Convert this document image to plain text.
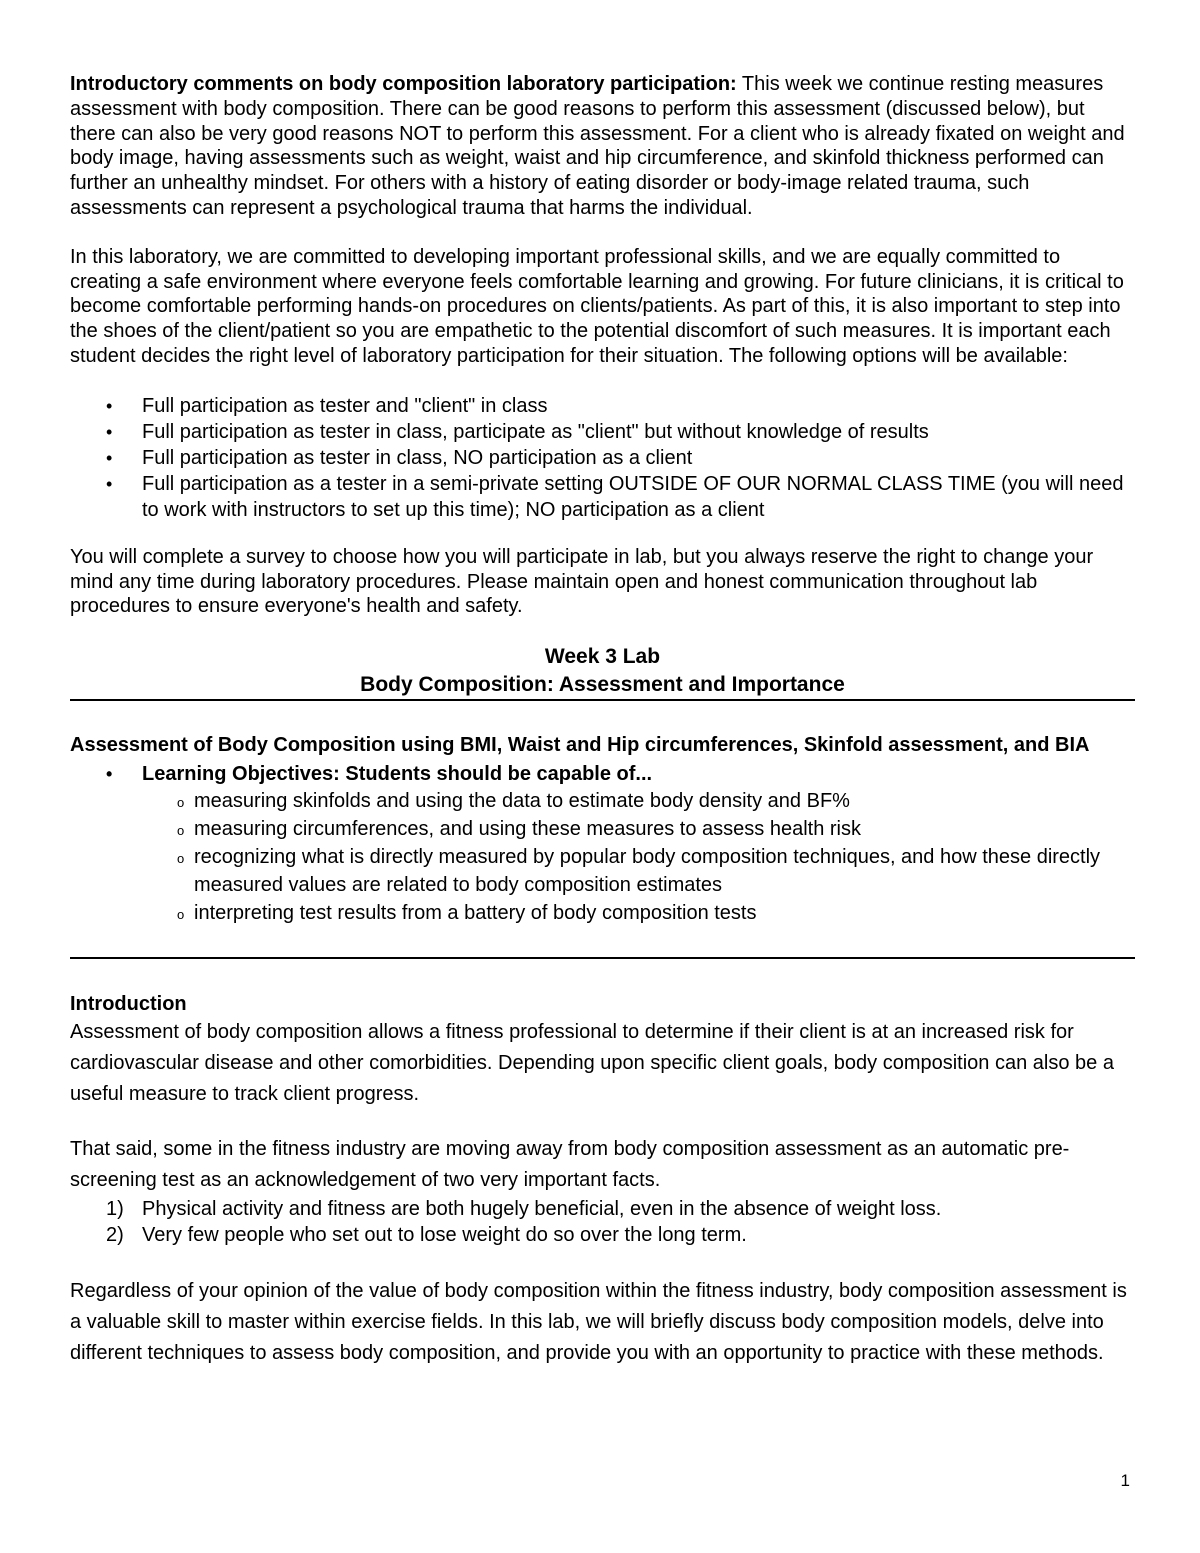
Introductory comments on body composition laboratory participation: This week we continue resting measures assessment with body composition. There can be good reasons to perform this assessment (discussed below), but there can also be very good reasons NOT to perform this assessment. For a client who is already fixated on weight and body image, having assessments such as weight, waist and hip circumference, and skinfold thickness performed can further an unhealthy mindset. For others with a history of eating disorder or body-image related trauma, such assessments can represent a psychological trauma that harms the individual.

In this laboratory, we are committed to developing important professional skills, and we are equally committed to creating a safe environment where everyone feels comfortable learning and growing. For future clinicians, it is critical to become comfortable performing hands-on procedures on clients/patients. As part of this, it is also important to step into the shoes of the client/patient so you are empathetic to the potential discomfort of such measures. It is important each student decides the right level of laboratory participation for their situation. The following options will be available:

• Full participation as tester and "client" in class
• Full participation as tester in class, participate as "client" but without knowledge of results
• Full participation as tester in class, NO participation as a client
• Full participation as a tester in a semi-private setting OUTSIDE OF OUR NORMAL CLASS TIME (you will need to work with instructors to set up this time); NO participation as a client

You will complete a survey to choose how you will participate in lab, but you always reserve the right to change your mind any time during laboratory procedures. Please maintain open and honest communication throughout lab procedures to ensure everyone's health and safety.

Week 3 Lab
Body Composition: Assessment and Importance
Assessment of Body Composition using BMI, Waist and Hip circumferences, Skinfold assessment, and BIA
• Learning Objectives: Students should be capable of...
o measuring skinfolds and using the data to estimate body density and BF%
o measuring circumferences, and using these measures to assess health risk
o recognizing what is directly measured by popular body composition techniques, and how these directly measured values are related to body composition estimates
o interpreting test results from a battery of body composition tests
Introduction

Assessment of body composition allows a fitness professional to determine if their client is at an increased risk for cardiovascular disease and other comorbidities. Depending upon specific client goals, body composition can also be a useful measure to track client progress.

That said, some in the fitness industry are moving away from body composition assessment as an automatic pre-screening test as an acknowledgement of two very important facts.

1) Physical activity and fitness are both hugely beneficial, even in the absence of weight loss.
2) Very few people who set out to lose weight do so over the long term.

Regardless of your opinion of the value of body composition within the fitness industry, body composition assessment is a valuable skill to master within exercise fields. In this lab, we will briefly discuss body composition models, delve into different techniques to assess body composition, and provide you with an opportunity to practice with these methods.

1
